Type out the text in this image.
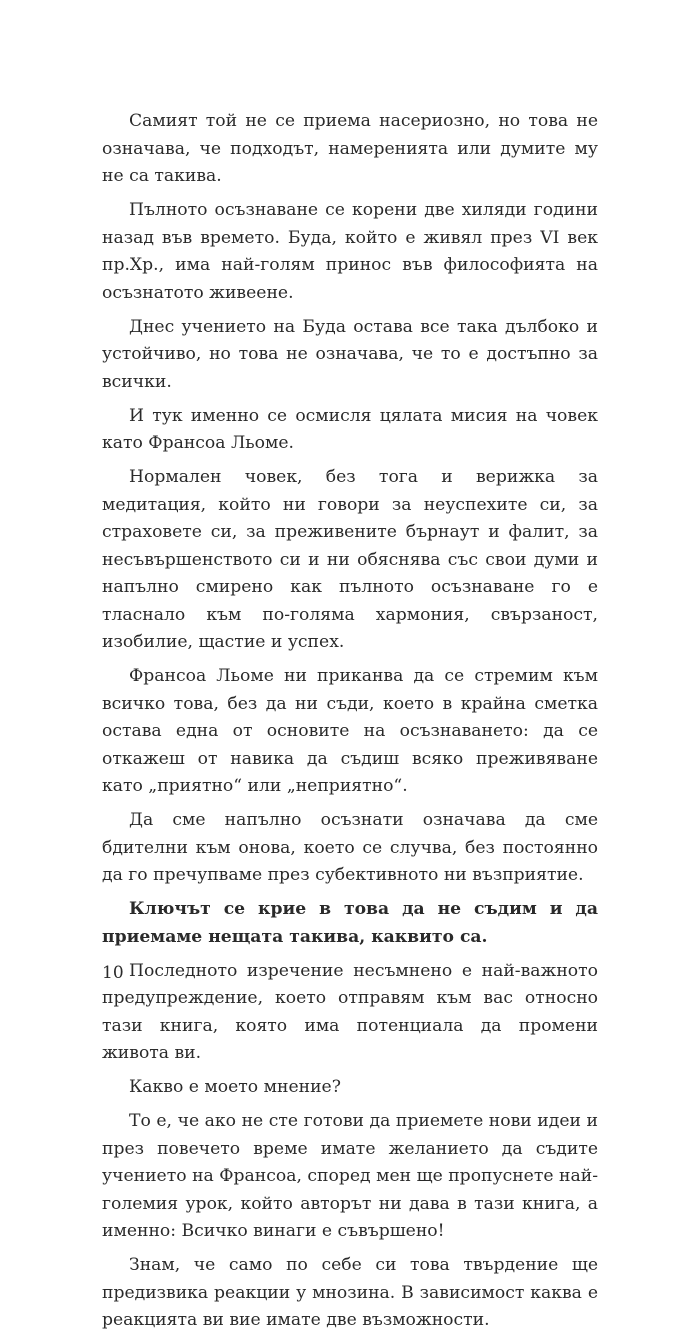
Самият той не се приема насериозно, но това не означава, че подходът, намеренията или думите му не са такива.

Пълното осъзнаване се корени две хиляди години назад във времето. Буда, който е живял през VI век пр.Хр., има най-голям принос във философията на осъзнатото живеене.

Днес учението на Буда остава все така дълбоко и устойчиво, но това не означава, че то е достъпно за всички.

И тук именно се осмисля цялата мисия на човек като Франсоа Льоме.

Нормален човек, без тога и верижка за медитация, който ни говори за неуспехите си, за страховете си, за преживените бърнаут и фалит, за несъвършенството си и ни обяснява със свои думи и напълно смирено как пълното осъзнаване го е тласнало към по-голяма хармония, свързаност, изобилие, щастие и успех.

Франсоа Льоме ни приканва да се стремим към всичко това, без да ни съди, което в крайна сметка остава една от основите на осъзнаването: да се откажеш от навика да съдиш всяко преживяване като „приятно“ или „неприятно“.

Да сме напълно осъзнати означава да сме бдителни към онова, което се случва, без постоянно да го пречупваме през субективното ни възприятие.

Ключът се крие в това да не съдим и да приемаме нещата такива, каквито са.

Последното изречение несъмнено е най-важното предупреждение, което отправям към вас относно тази книга, която има потенциала да промени живота ви.

Какво е моето мнение?

То е, че ако не сте готови да приемете нови идеи и през повечето време имате желанието да съдите учението на Франсоа, според мен ще пропуснете най-големия урок, който авторът ни дава в тази книга, а именно: Всичко винаги е съвършено!

Знам, че само по себе си това твърдение ще предизвика реакции у мнозина. В зависимост каква е реакцията ви вие имате две възможности.

10
